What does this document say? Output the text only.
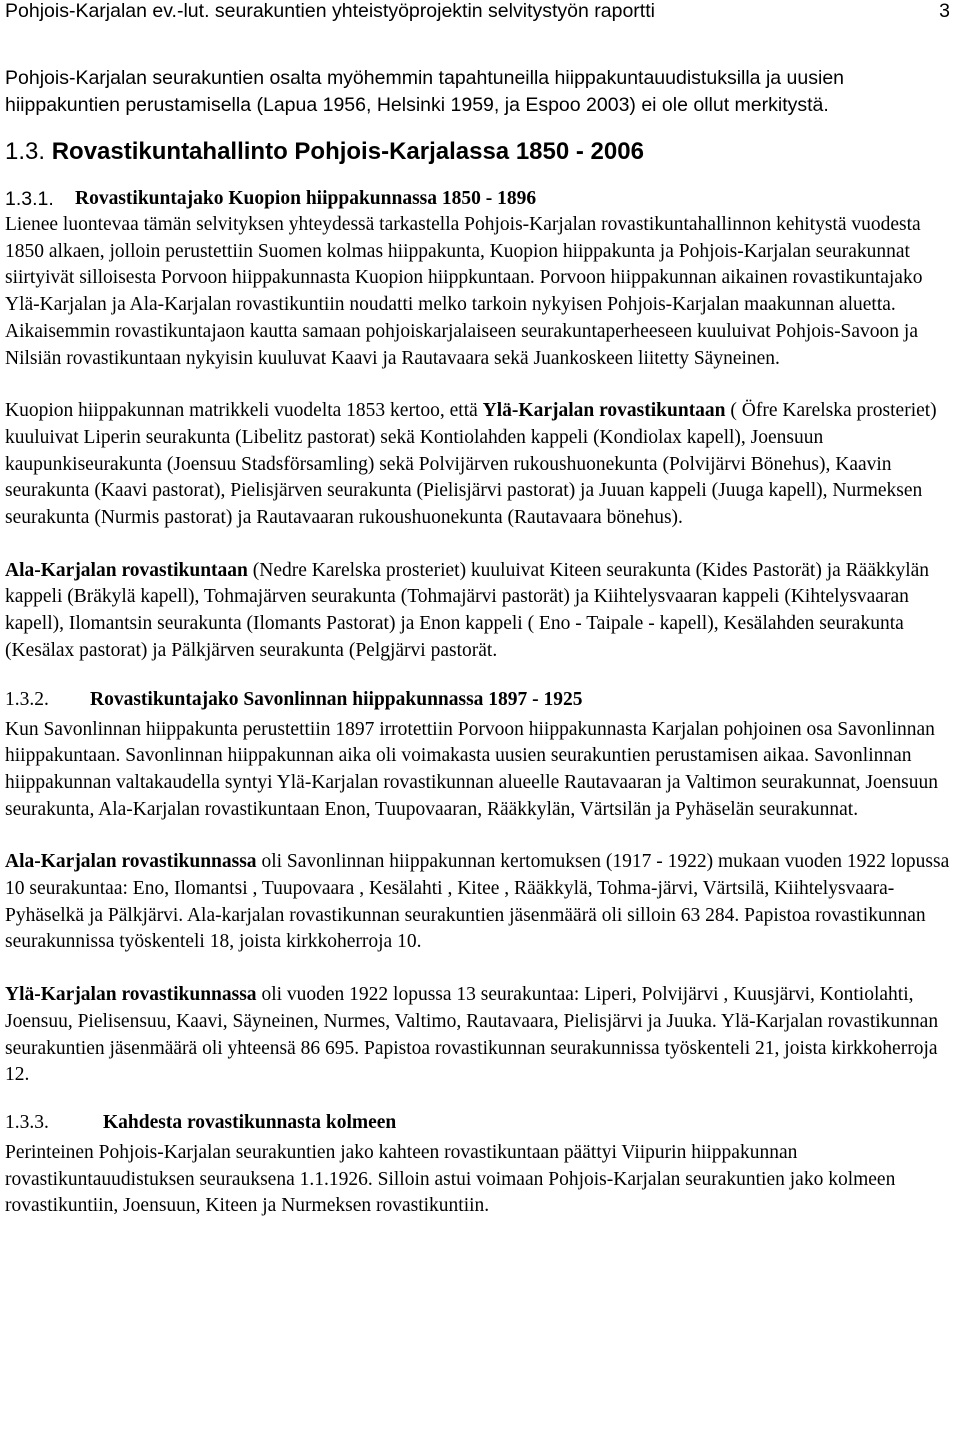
Pohjois-Karjalan ev.-lut. seurakuntien yhteistyöprojektin selvitystyön raportti	3

Pohjois-Karjalan seurakuntien osalta myöhemmin tapahtuneilla hiippakuntauudistuksilla ja uusien
hiippakuntien perustamisella (Lapua 1956, Helsinki 1959, ja Espoo 2003) ei ole ollut merkitystä.

1.3. Rovastikuntahallinto Pohjois-Karjalassa 1850 - 2006
1.3.1.	Rovastikuntajako Kuopion hiippakunnassa 1850 - 1896

Lienee luontevaa tämän selvityksen yhteydessä tarkastella Pohjois-Karjalan rovastikuntahallinnon kehitystä vuodesta 1850 alkaen, jolloin perustettiin Suomen kolmas hiippakunta, Kuopion hiippakunta ja Pohjois-Karjalan seurakunnat siirtyivät silloisesta Porvoon hiippakunnasta Kuopion hiippkuntaan. Porvoon hiippakunnan aikainen rovastikuntajako Ylä-Karjalan ja Ala-Karjalan rovastikuntiin noudatti melko tarkoin nykyisen Pohjois-Karjalan maakunnan aluetta. Aikaisemmin rovastikuntajaon kautta samaan pohjoiskarjalaiseen seurakuntaperheeseen kuuluivat Pohjois-Savoon ja Nilsiän rovastikuntaan nykyisin kuuluvat Kaavi ja Rautavaara sekä Juankoskeen liitetty Säyneinen.

Kuopion hiippakunnan matrikkeli vuodelta 1853 kertoo, että Ylä-Karjalan rovastikuntaan ( Öfre Karelska prosteriet) kuuluivat Liperin seurakunta (Libelitz pastorat) sekä Kontiolahden kappeli (Kondiolax kapell), Joensuun kaupunkiseurakunta (Joensuu Stadsförsamling) sekä Polvijärven rukoushuonekunta (Polvijärvi Bönehus), Kaavin seurakunta (Kaavi pastorat), Pielisjärven seurakunta (Pielisjärvi pastorat) ja Juuan kappeli (Juuga kapell), Nurmeksen seurakunta (Nurmis pastorat) ja Rautavaaran rukoushuonekunta (Rautavaara bönehus).

Ala-Karjalan rovastikuntaan (Nedre Karelska prosteriet) kuuluivat Kiteen seurakunta (Kides Pastorät) ja Rääkkylän kappeli (Bräkylä kapell), Tohmajärven seurakunta (Tohmajärvi pastorät) ja Kiihtelysvaaran kappeli (Kihtelysvaaran kapell), Ilomantsin seurakunta (Ilomants Pastorat) ja Enon kappeli ( Eno - Taipale - kapell), Kesälahden seurakunta (Kesälax pastorat) ja Pälkjärven seurakunta (Pelgjärvi pastorät.

1.3.2.	Rovastikuntajako Savonlinnan hiippakunnassa 1897 - 1925

Kun Savonlinnan hiippakunta perustettiin 1897 irrotettiin Porvoon hiippakunnasta Karjalan pohjoinen osa Savonlinnan hiippakuntaan. Savonlinnan hiippakunnan aika oli voimakasta uusien seurakuntien perustamisen aikaa. Savonlinnan hiippakunnan valtakaudella syntyi Ylä-Karjalan rovastikunnan alueelle Rautavaaran ja Valtimon seurakunnat, Joensuun seurakunta, Ala-Karjalan rovastikuntaan Enon, Tuupovaaran, Rääkkylän, Värtsilän ja Pyhäselän seurakunnat.

Ala-Karjalan rovastikunnassa oli Savonlinnan hiippakunnan kertomuksen (1917 - 1922) mukaan vuoden 1922 lopussa 10 seurakuntaa: Eno, Ilomantsi , Tuupovaara , Kesälahti , Kitee , Rääkkylä, Tohma-järvi, Värtsilä, Kiihtelysvaara-Pyhäselkä ja Pälkjärvi. Ala-karjalan rovastikunnan seurakuntien jäsenmäärä oli silloin 63 284. Papistoa rovastikunnan seurakunnissa työskenteli 18, joista kirkkoherroja 10.

Ylä-Karjalan rovastikunnassa oli vuoden 1922 lopussa 13 seurakuntaa: Liperi, Polvijärvi , Kuusjärvi, Kontiolahti, Joensuu, Pielisensuu, Kaavi, Säyneinen, Nurmes, Valtimo, Rautavaara, Pielisjärvi ja Juuka. Ylä-Karjalan rovastikunnan seurakuntien jäsenmäärä oli yhteensä 86 695. Papistoa rovastikunnan seurakunnissa työskenteli 21, joista kirkkoherroja 12.

1.3.3.	Kahdesta rovastikunnasta kolmeen

Perinteinen Pohjois-Karjalan seurakuntien jako kahteen rovastikuntaan päättyi Viipurin hiippakunnan rovastikuntauudistuksen seurauksena 1.1.1926. Silloin astui voimaan Pohjois-Karjalan seurakuntien jako kolmeen rovastikuntiin, Joensuun, Kiteen ja Nurmeksen rovastikuntiin.
